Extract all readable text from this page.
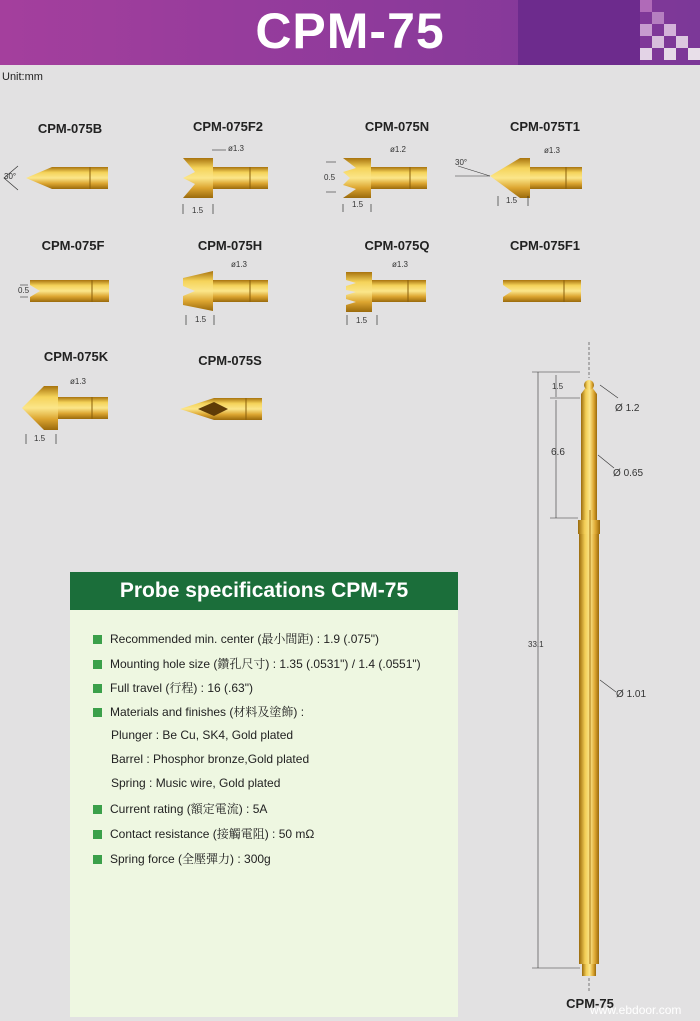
CPM-75
Unit:mm
CPM-075B	CPM-075F2	CPM-075N	CPM-075T1
CPM-075F	CPM-075H	CPM-075Q	CPM-075F1
CPM-075K	CPM-075S
30°
ø1.3
1.5
ø1.2
0.5
1.5
30°
ø1.3
1.5
0.5
ø1.3
1.5
ø1.3
1.5
ø1.3
1.5
1.5
6.6
33.1
Ø 1.2
Ø 0.65
Ø 1.01
Probe specifications CPM-75
Recommended min. center (最小間距) : 1.9 (.075")
Mounting hole size (鑽孔尺寸) : 1.35 (.0531") / 1.4 (.0551")
Full travel (行程) : 16 (.63")
Materials and finishes (材料及塗飾) :
Plunger : Be Cu, SK4, Gold plated
Barrel : Phosphor bronze,Gold plated
Spring : Music wire, Gold plated
Current rating (額定電流) : 5A
Contact resistance (接觸電阻) : 50 mΩ
Spring force (全壓彈力) : 300g
CPM-75
www.ebdoor.com
